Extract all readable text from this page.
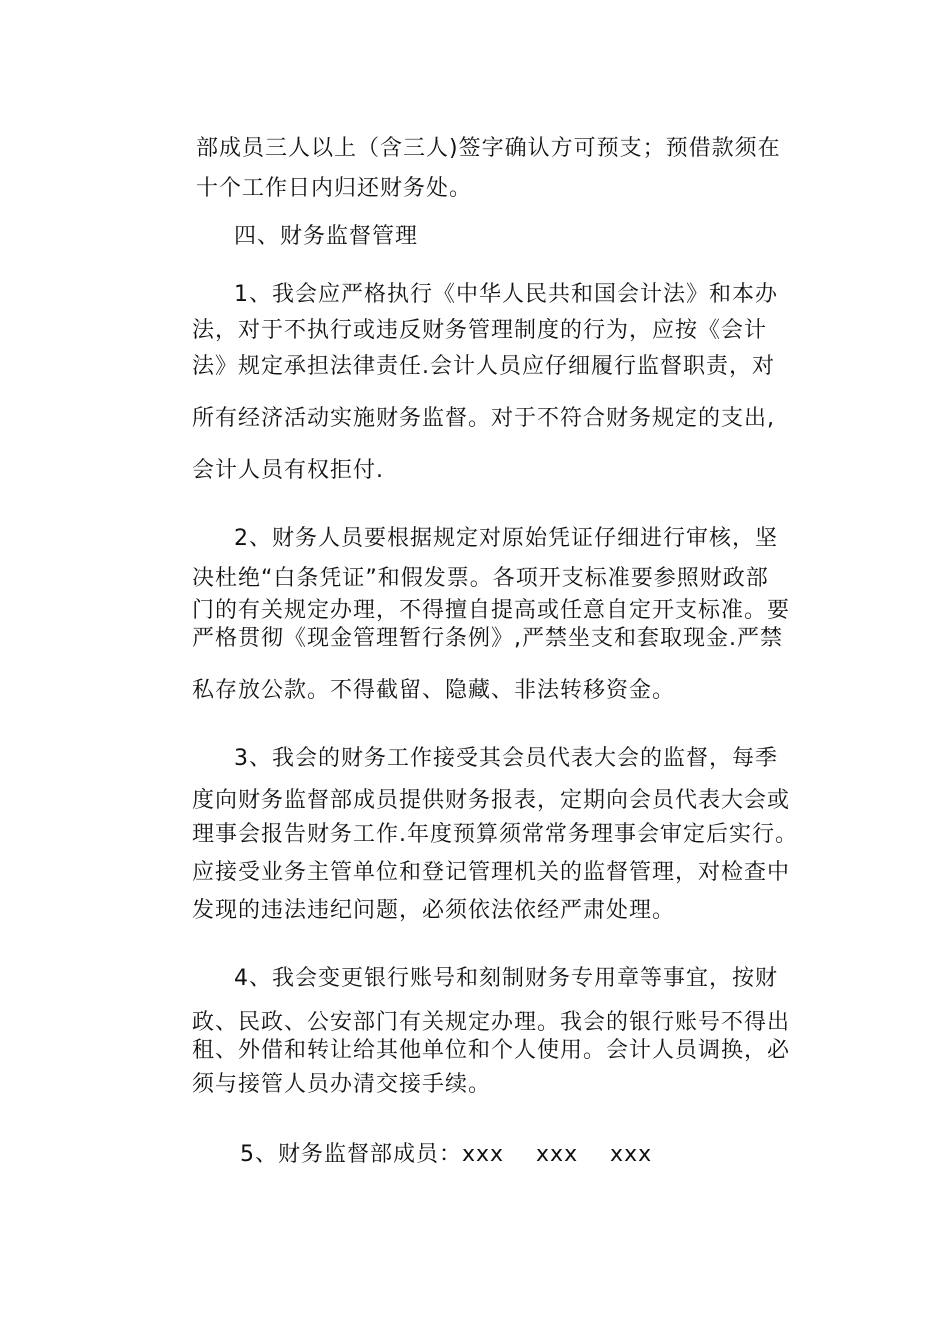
部成员三人以上（含三人)签字确认方可预支；预借款须在
十个工作日内归还财务处。
四、财务监督管理
1、我会应严格执行《中华人民共和国会计法》和本办
法，对于不执行或违反财务管理制度的行为，应按《会计
法》规定承担法律责任.会计人员应仔细履行监督职责，对
所有经济活动实施财务监督。对于不符合财务规定的支出,
会计人员有权拒付.
2、财务人员要根据规定对原始凭证仔细进行审核，坚
决杜绝“白条凭证”和假发票。各项开支标准要参照财政部
门的有关规定办理，不得擅自提高或任意自定开支标准。要
严格贯彻《现金管理暂行条例》,严禁坐支和套取现金.严禁
私存放公款。不得截留、隐藏、非法转移资金。
3、我会的财务工作接受其会员代表大会的监督，每季
度向财务监督部成员提供财务报表，定期向会员代表大会或
理事会报告财务工作.年度预算须常常务理事会审定后实行。
应接受业务主管单位和登记管理机关的监督管理，对检查中
发现的违法违纪问题，必须依法依经严肃处理。
4、我会变更银行账号和刻制财务专用章等事宜，按财
政、民政、公安部门有关规定办理。我会的银行账号不得出
租、外借和转让给其他单位和个人使用。会计人员调换，必
须与接管人员办清交接手续。
5、财务监督部成员：xxx    xxx    xxx
